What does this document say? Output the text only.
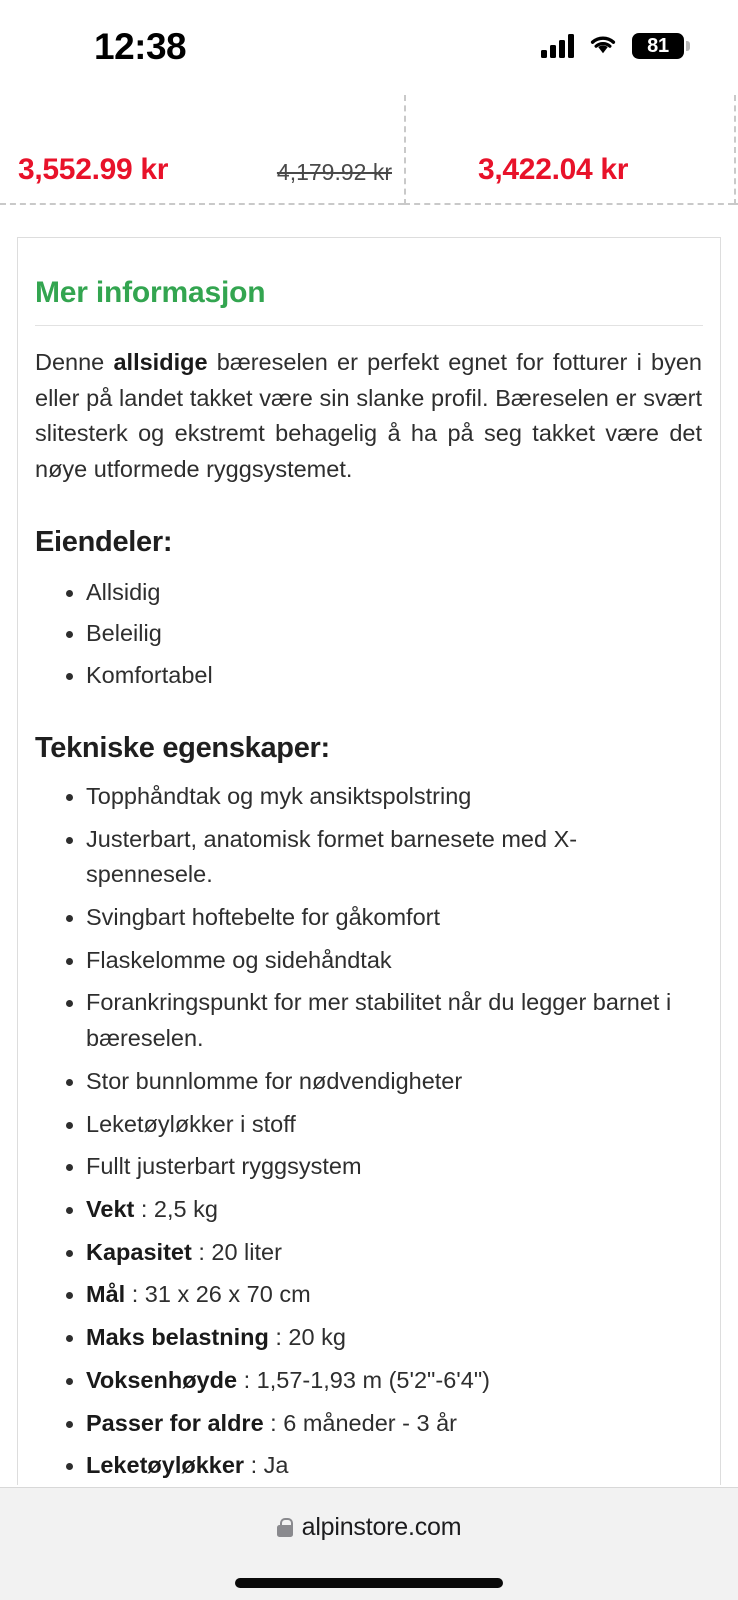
12:38	81
3,552.99 kr	4,179.92 kr	3,422.04 kr
Mer informasjon

Denne allsidige bæreselen er perfekt egnet for fotturer i byen eller på landet takket være sin slanke profil. Bæreselen er svært slitesterk og ekstremt behagelig å ha på seg takket være det nøye utformede ryggsystemet.

Eiendeler:
Allsidig
Beleilig
Komfortabel
Tekniske egenskaper:
Topphåndtak og myk ansiktspolstring
Justerbart, anatomisk formet barnesete med X-spennesele.
Svingbart hoftebelte for gåkomfort
Flaskelomme og sidehåndtak
Forankringspunkt for mer stabilitet når du legger barnet i bæreselen.
Stor bunnlomme for nødvendigheter
Leketøyløkker i stoff
Fullt justerbart ryggsystem
Vekt : 2,5 kg
Kapasitet : 20 liter
Mål : 31 x 26 x 70 cm
Maks belastning : 20 kg
Voksenhøyde : 1,57-1,93 m (5'2"-6'4")
Passer for aldre : 6 måneder - 3 år
Leketøyløkker : Ja
alpinstore.com
